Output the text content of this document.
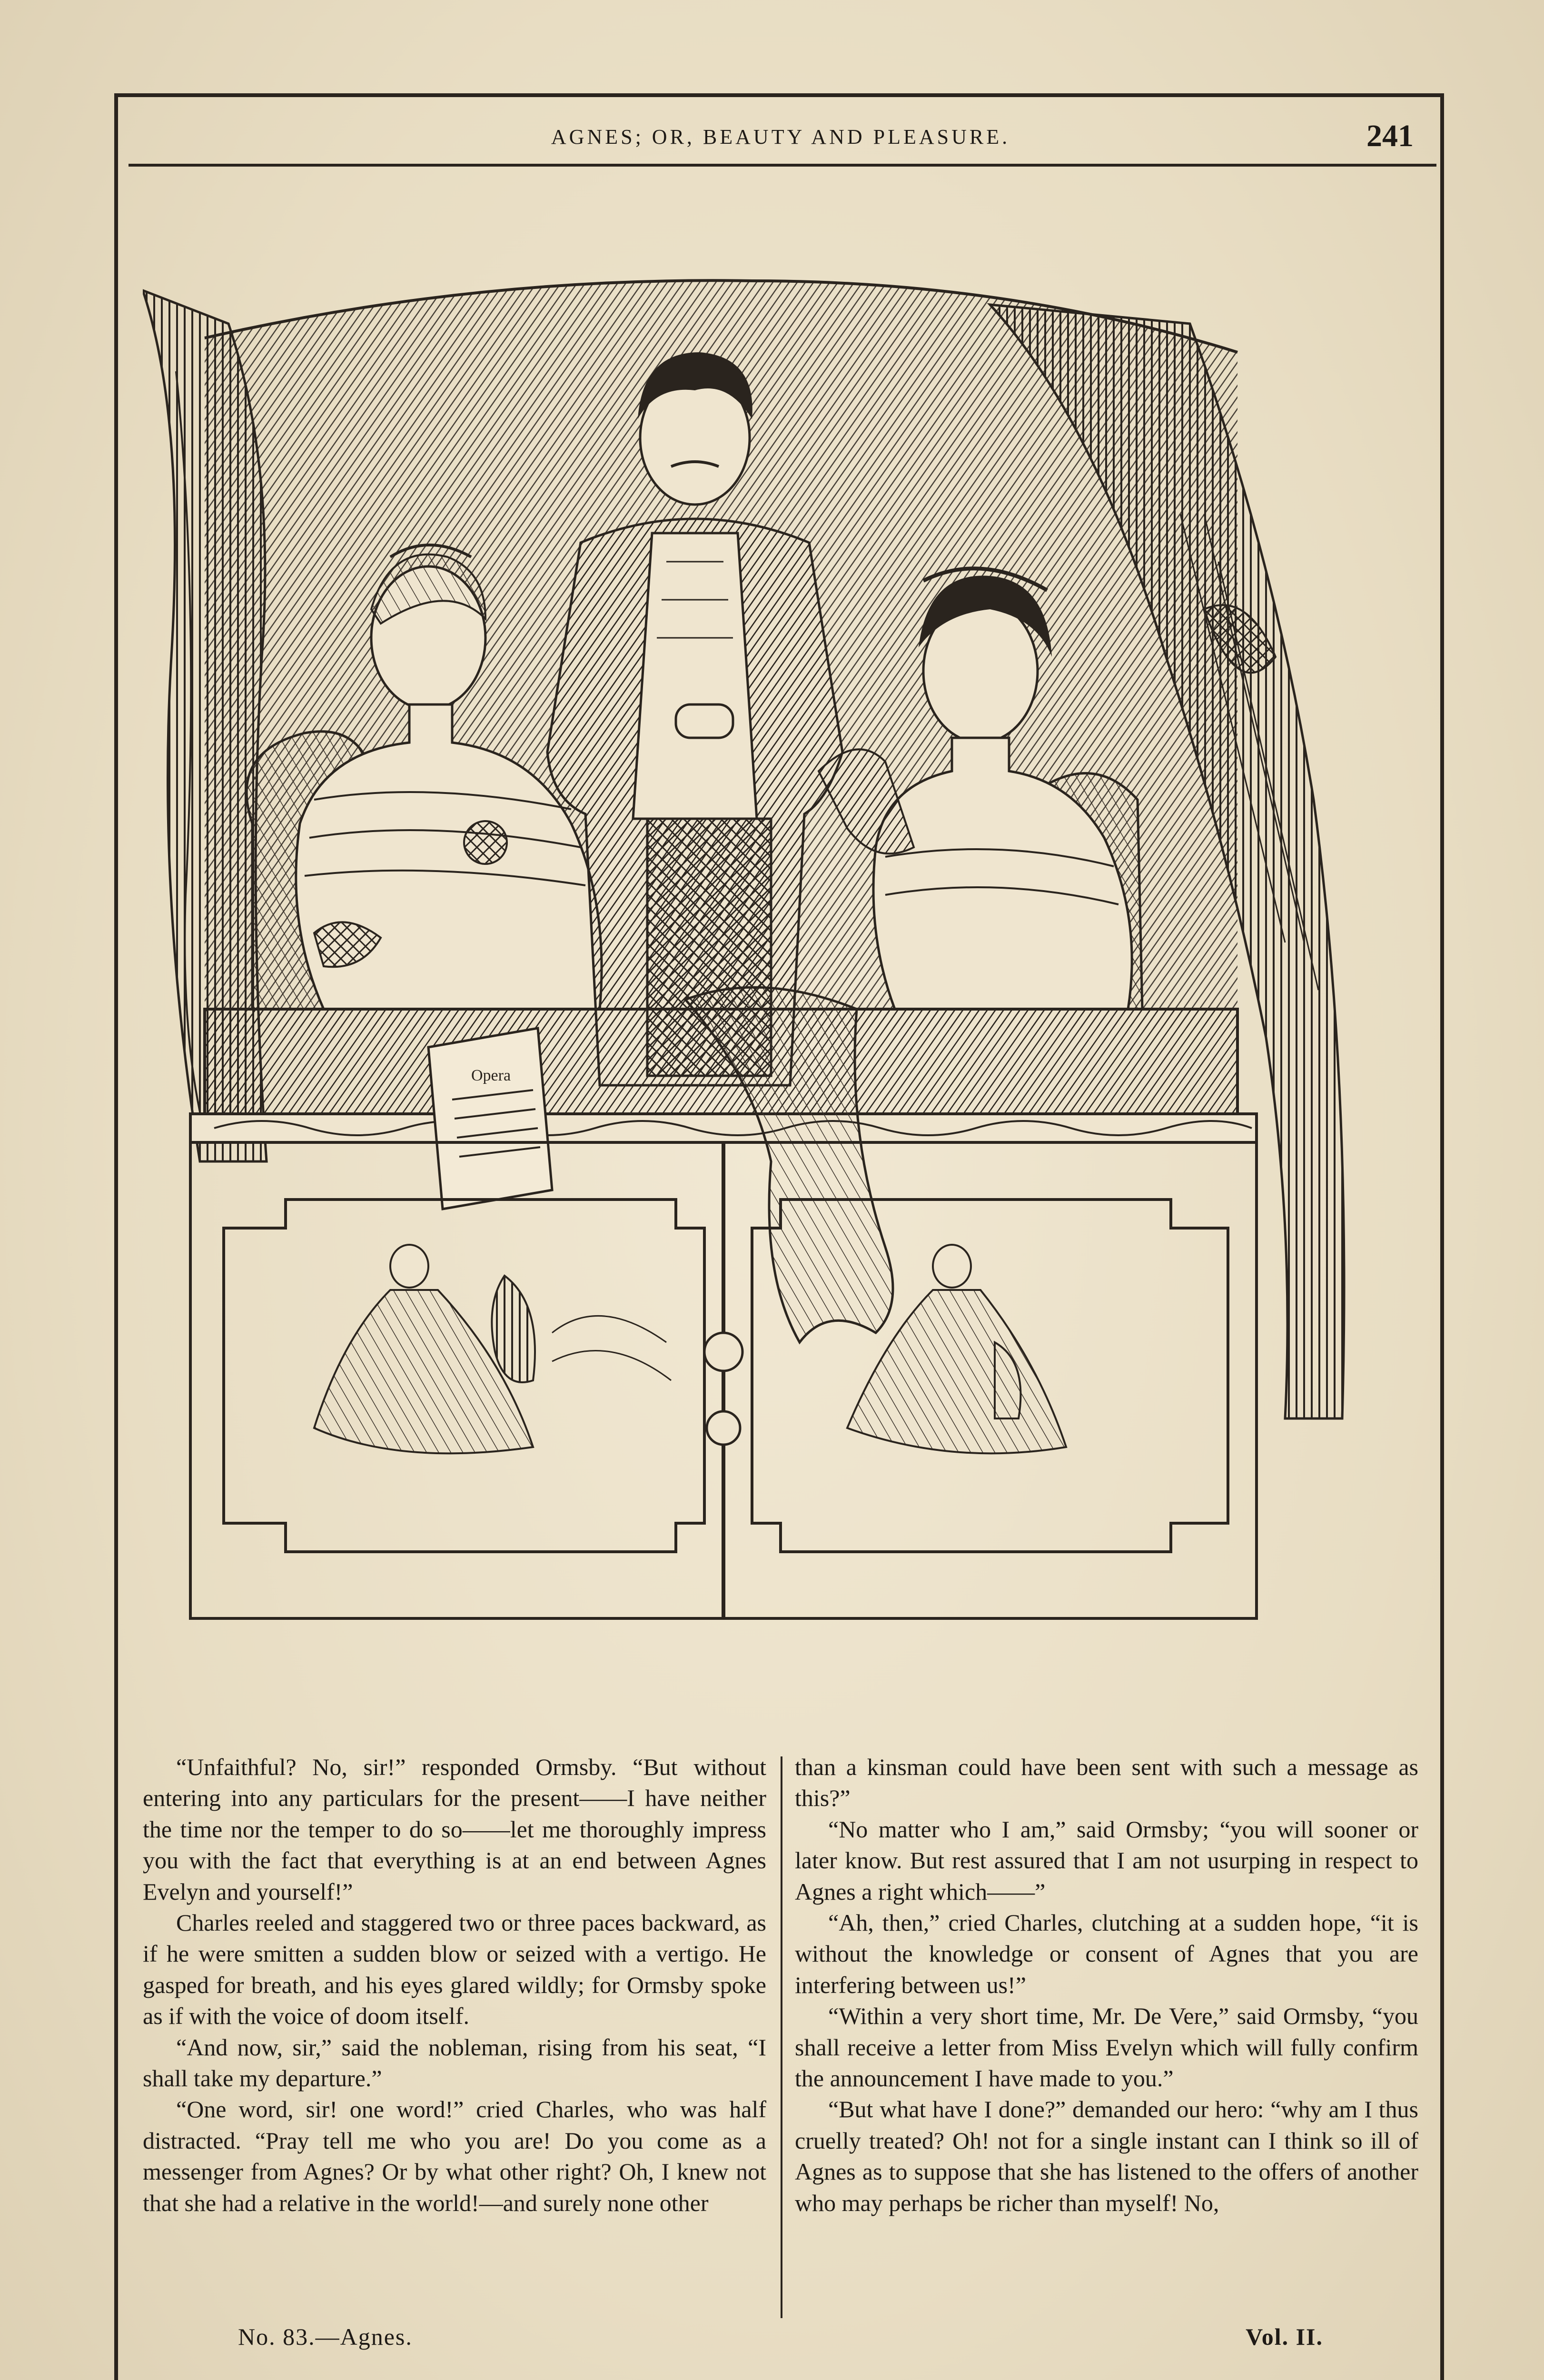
AGNES; OR, BEAUTY AND PLEASURE.	241
Opera

“Unfaithful? No, sir!” responded Ormsby. “But without entering into any particulars for the present——I have neither the time nor the temper to do so——let me thoroughly impress you with the fact that everything is at an end between Agnes Evelyn and yourself!”

Charles reeled and staggered two or three paces backward, as if he were smitten a sudden blow or seized with a vertigo. He gasped for breath, and his eyes glared wildly; for Ormsby spoke as if with the voice of doom itself.

“And now, sir,” said the nobleman, rising from his seat, “I shall take my departure.”

“One word, sir! one word!” cried Charles, who was half distracted. “Pray tell me who you are! Do you come as a messenger from Agnes? Or by what other right? Oh, I knew not that she had a relative in the world!—and surely none other

than a kinsman could have been sent with such a message as this?”

“No matter who I am,” said Ormsby; “you will sooner or later know. But rest assured that I am not usurping in respect to Agnes a right which——”

“Ah, then,” cried Charles, clutching at a sudden hope, “it is without the knowledge or consent of Agnes that you are interfering between us!”

“Within a very short time, Mr. De Vere,” said Ormsby, “you shall receive a letter from Miss Evelyn which will fully confirm the announcement I have made to you.”

“But what have I done?” demanded our hero: “why am I thus cruelly treated? Oh! not for a single instant can I think so ill of Agnes as to suppose that she has listened to the offers of another who may perhaps be richer than myself! No,

No. 83.—Agnes.	Vol. II.
